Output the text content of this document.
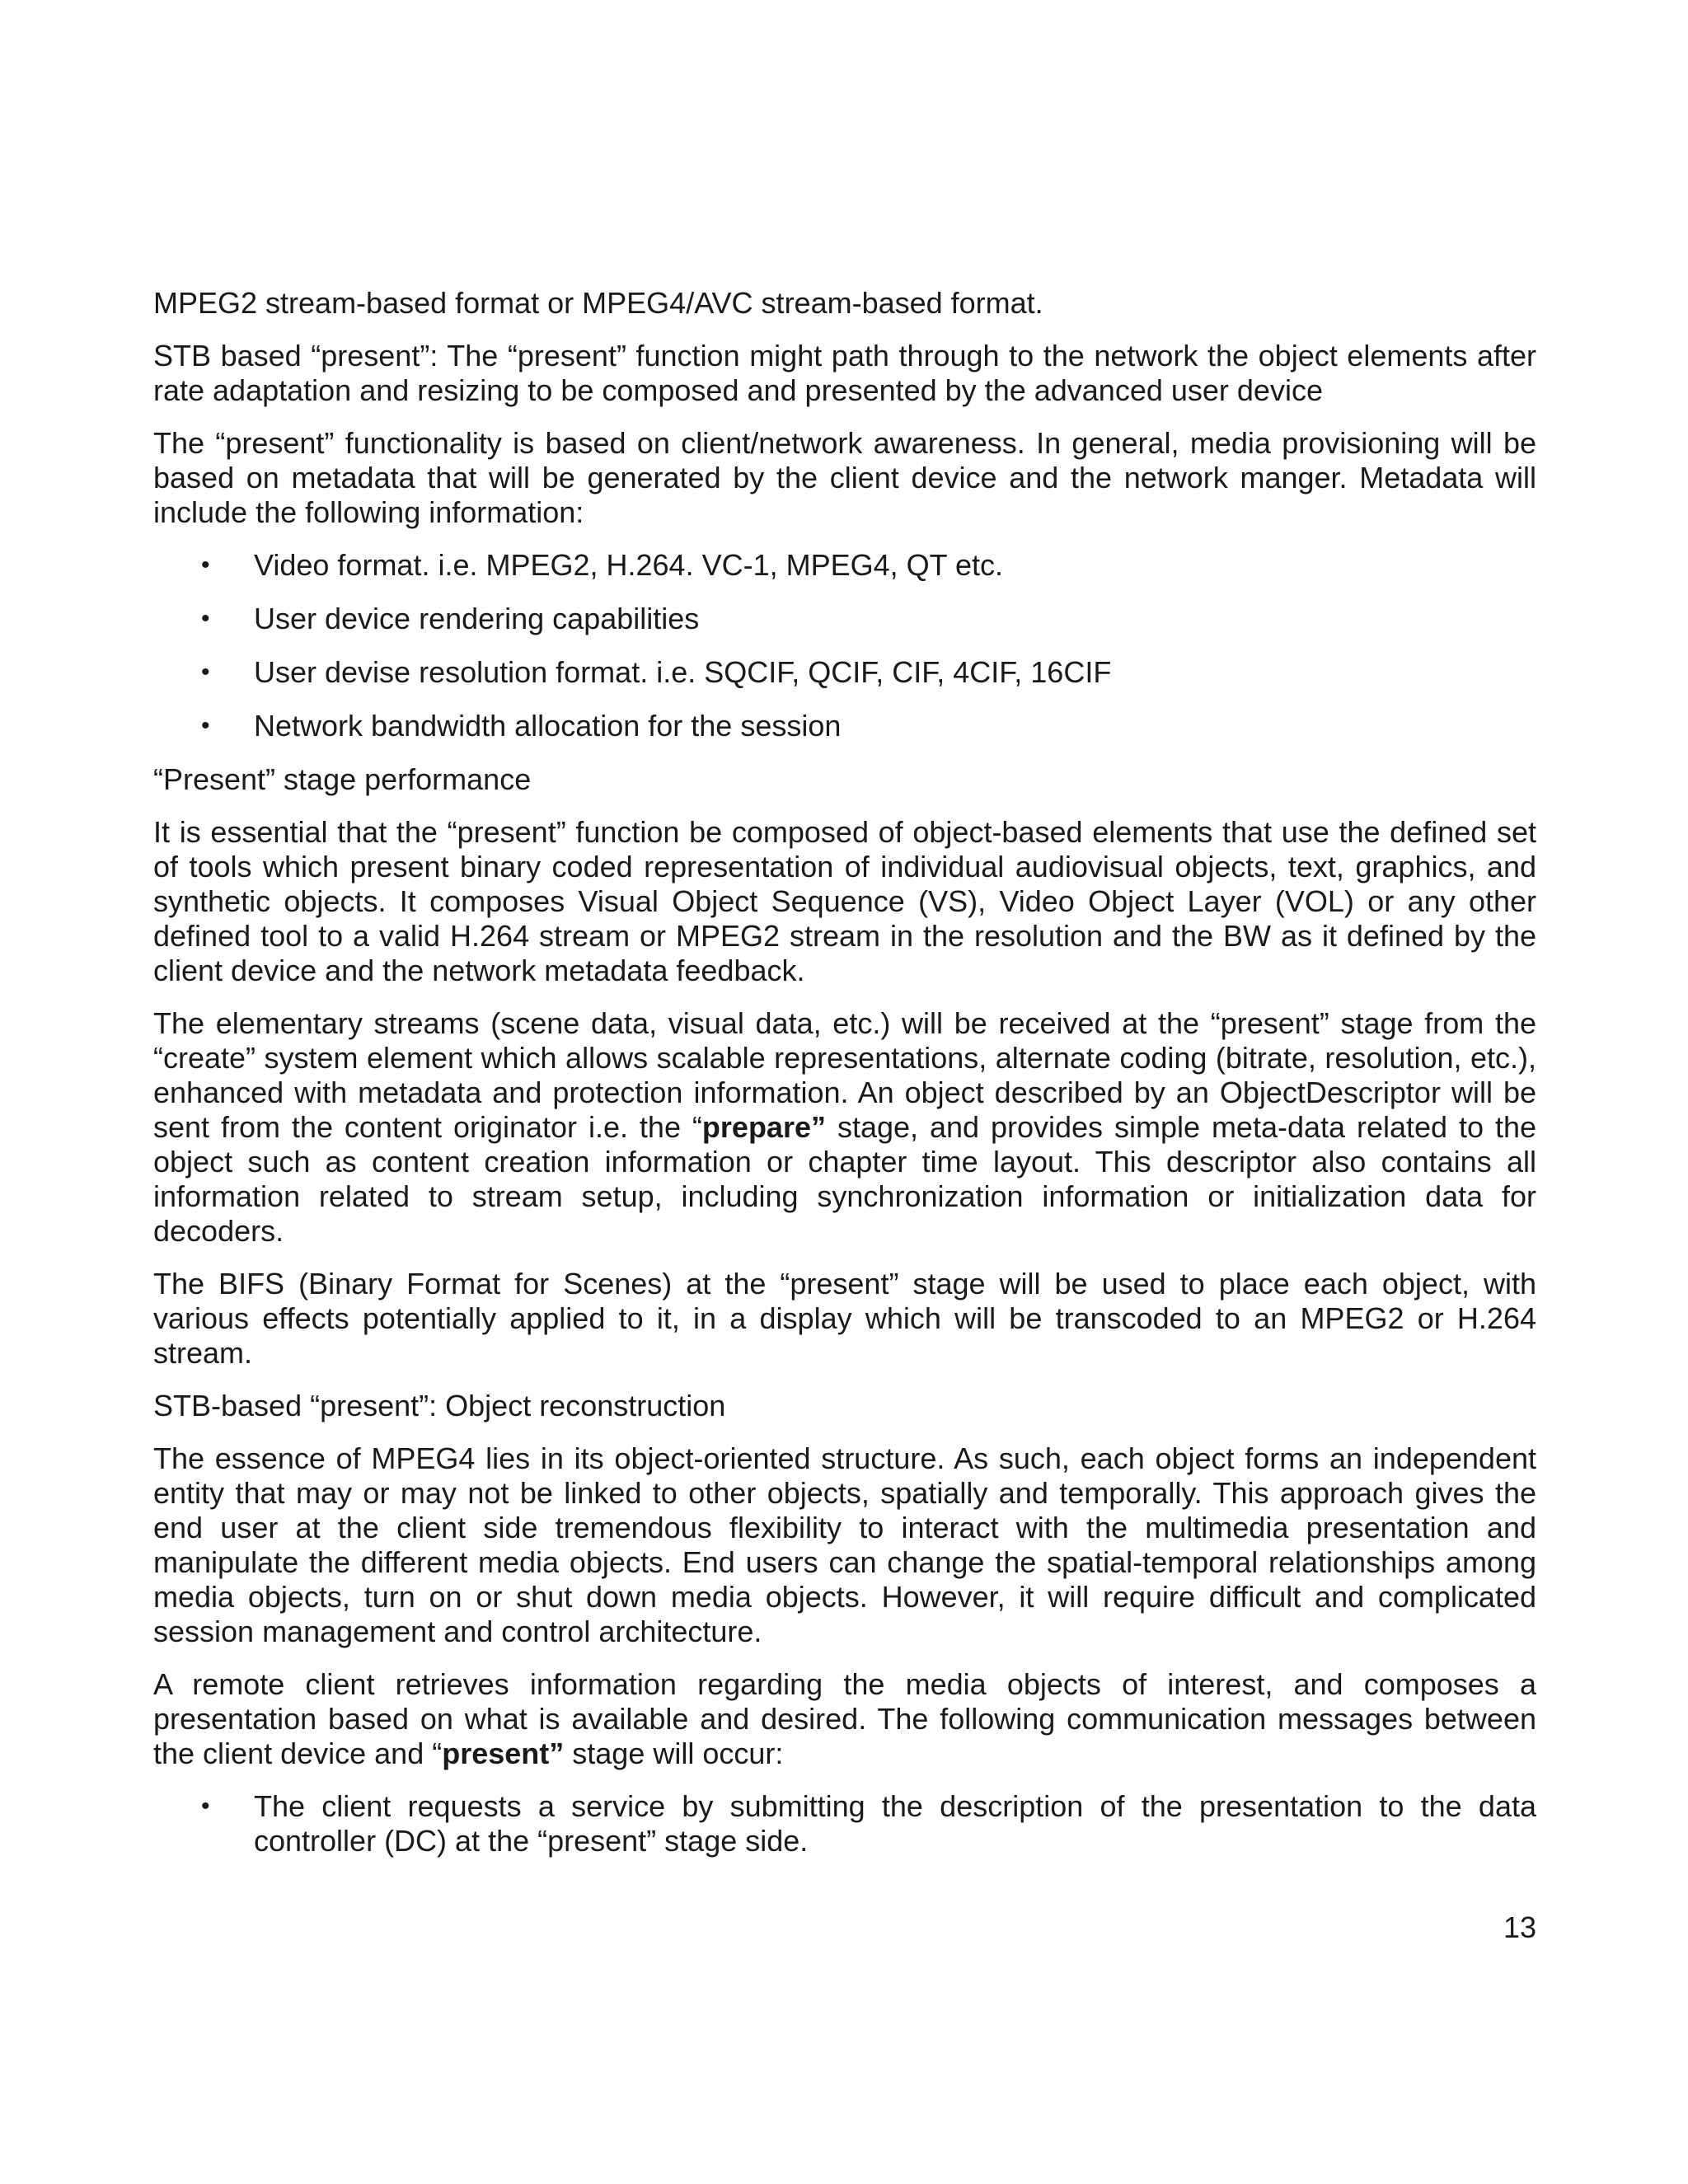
MPEG2 stream-based format or MPEG4/AVC stream-based format.

STB based “present”: The “present” function might path through to the network the object elements after rate adaptation and resizing to be composed and presented by the advanced user device

The “present” functionality is based on client/network awareness. In general, media provisioning will be based on metadata that will be generated by the client device and the network manger. Metadata will include the following information:

• Video format. i.e. MPEG2, H.264. VC-1, MPEG4, QT etc.
• User device rendering capabilities
• User devise resolution format. i.e. SQCIF, QCIF, CIF, 4CIF, 16CIF
• Network bandwidth allocation for the session

“Present” stage performance

It is essential that the “present” function be composed of object-based elements that use the defined set of tools which present binary coded representation of individual audiovisual objects, text, graphics, and synthetic objects. It composes Visual Object Sequence (VS), Video Object Layer (VOL) or any other defined tool to a valid H.264 stream or MPEG2 stream in the resolution and the BW as it defined by the client device and the network metadata feedback.

The elementary streams (scene data, visual data, etc.) will be received at the “present” stage from the “create” system element which allows scalable representations, alternate coding (bitrate, resolution, etc.), enhanced with metadata and protection information. An object described by an ObjectDescriptor will be sent from the content originator i.e. the “prepare” stage, and provides simple meta-data related to the object such as content creation information or chapter time layout. This descriptor also contains all information related to stream setup, including synchronization information or initialization data for decoders.

The BIFS (Binary Format for Scenes) at the “present” stage will be used to place each object, with various effects potentially applied to it, in a display which will be transcoded to an MPEG2 or H.264 stream.

STB-based “present”: Object reconstruction

The essence of MPEG4 lies in its object-oriented structure. As such, each object forms an independent entity that may or may not be linked to other objects, spatially and temporally. This approach gives the end user at the client side tremendous flexibility to interact with the multimedia presentation and manipulate the different media objects. End users can change the spatial-temporal relationships among media objects, turn on or shut down media objects. However, it will require difficult and complicated session management and control architecture.

A remote client retrieves information regarding the media objects of interest, and composes a presentation based on what is available and desired. The following communication messages between the client device and “present” stage will occur:

• The client requests a service by submitting the description of the presentation to the data controller (DC) at the “present” stage side.
13
